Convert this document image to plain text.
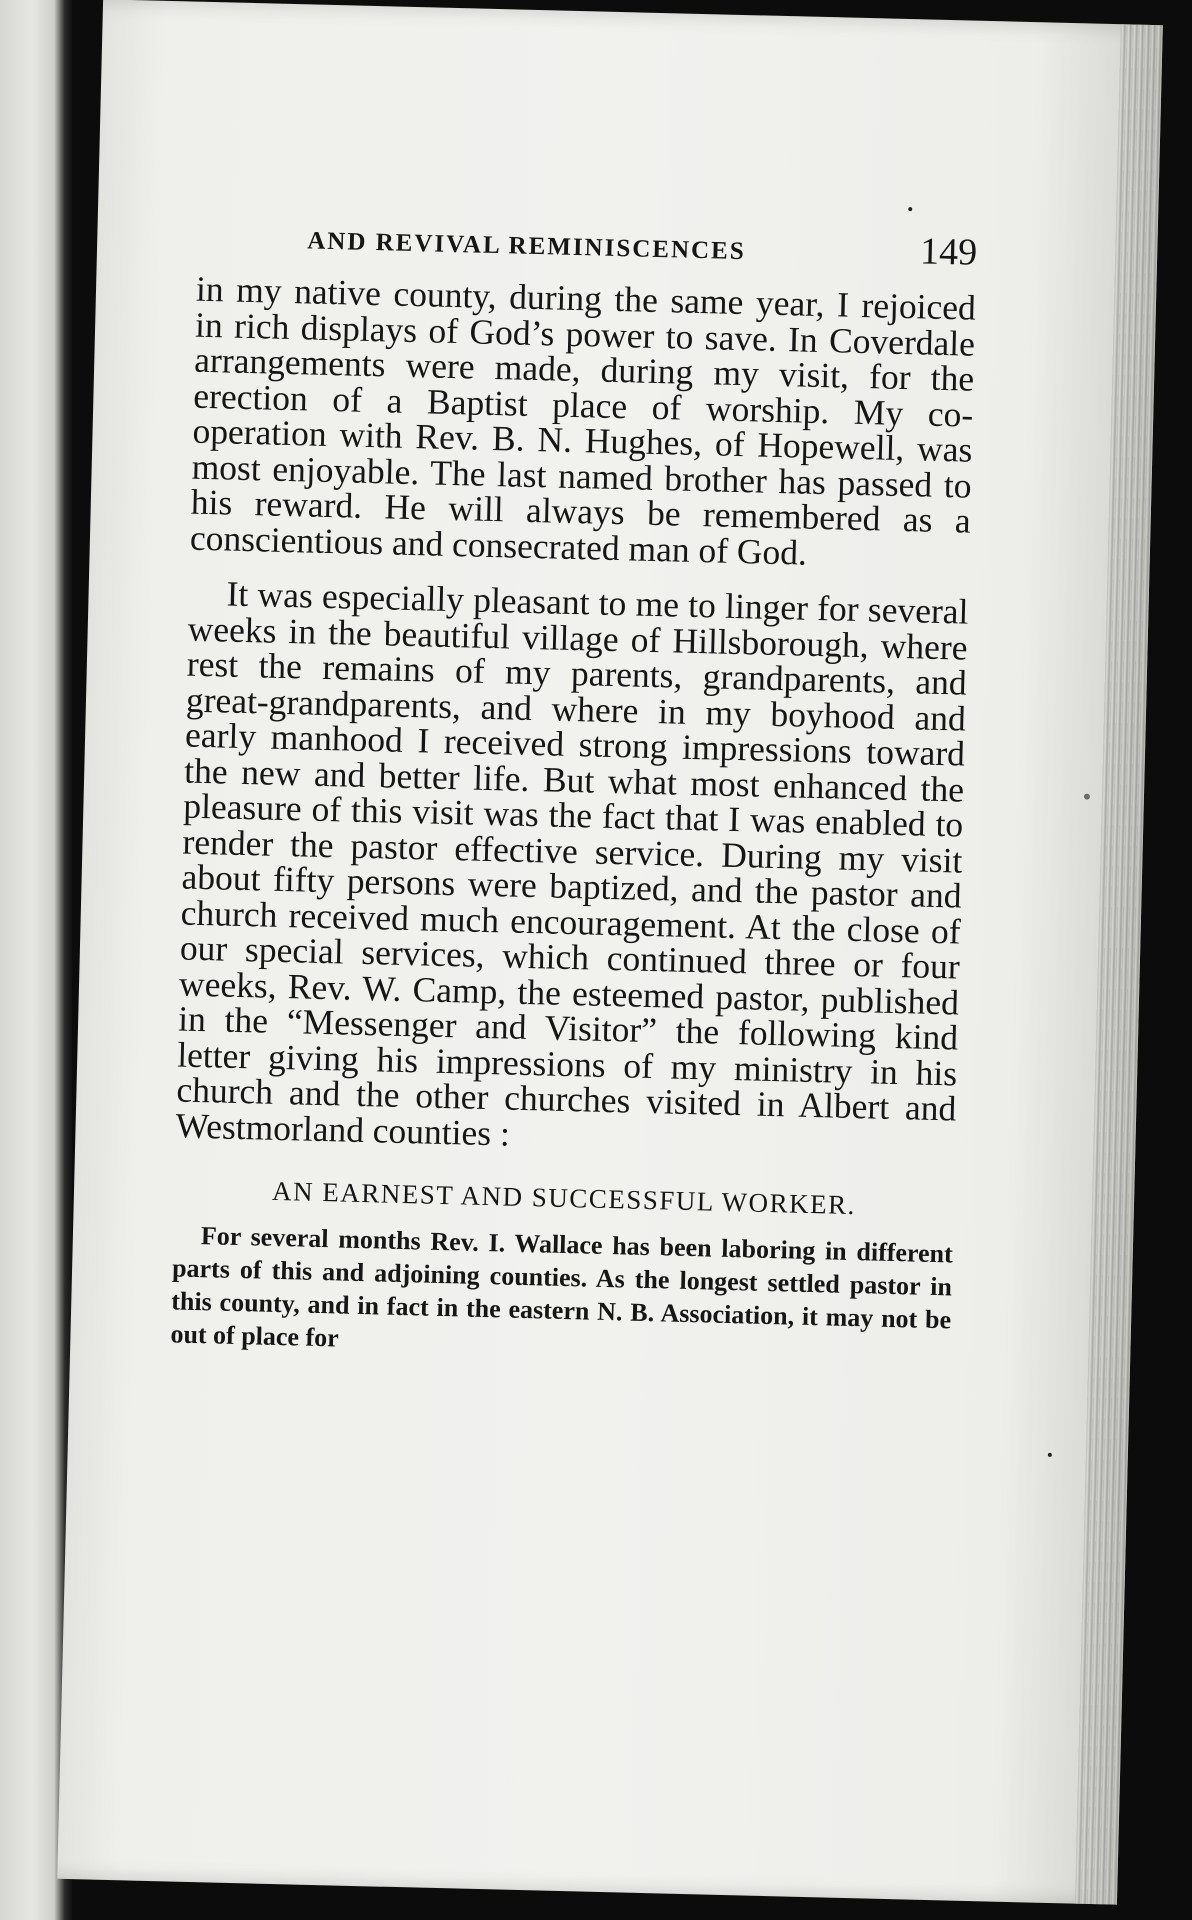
AND REVIVAL REMINISCENCES	149

in my native county, during the same year, I rejoiced in rich displays of God’s power to save. In Coverdale arrangements were made, during my visit, for the erection of a Baptist place of worship. My co-operation with Rev. B. N. Hughes, of Hopewell, was most enjoyable. The last named brother has passed to his reward. He will always be remembered as a conscientious and consecrated man of God.

It was especially pleasant to me to linger for several weeks in the beautiful village of Hillsborough, where rest the remains of my parents, grandparents, and great-grandparents, and where in my boyhood and early manhood I received strong impressions toward the new and better life. But what most enhanced the pleasure of this visit was the fact that I was enabled to render the pastor effective service. During my visit about fifty persons were baptized, and the pastor and church received much encouragement. At the close of our special services, which continued three or four weeks, Rev. W. Camp, the esteemed pastor, published in the “Messenger and Visitor” the following kind letter giving his impressions of my ministry in his church and the other churches visited in Albert and Westmorland counties :

AN EARNEST AND SUCCESSFUL WORKER.

For several months Rev. I. Wallace has been laboring in different parts of this and adjoining counties. As the longest settled pastor in this county, and in fact in the eastern N. B. Association, it may not be out of place for
